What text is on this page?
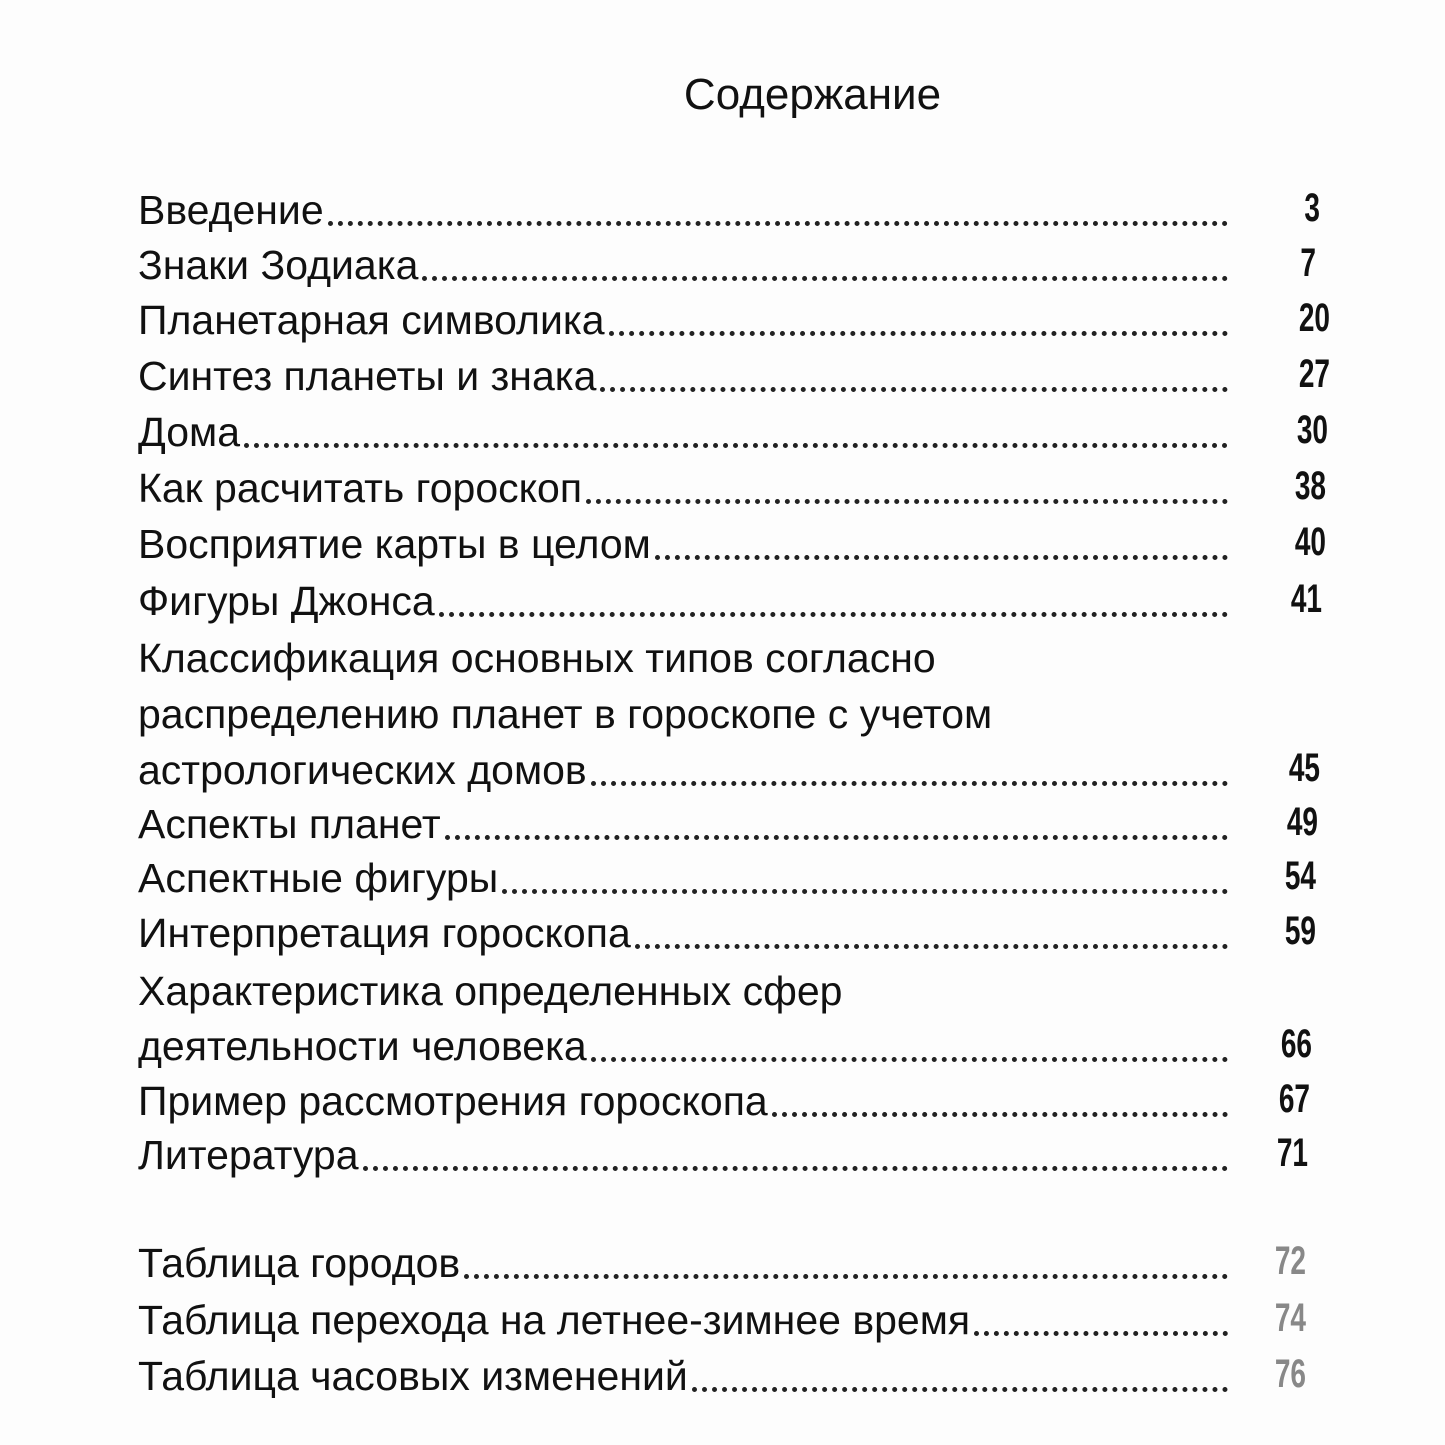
Содержание
Введение	3
Знаки Зодиака	7
Планетарная символика	20
Синтез планеты и знака	27
Дома	30
Как расчитать гороскоп	38
Восприятие карты в целом	40
Фигуры Джонса	41
Классификация основных типов согласно
распределению планет в гороскопе с учетом
астрологических домов	45
Аспекты планет	49
Аспектные фигуры	54
Интерпретация гороскопа	59
Характеристика определенных сфер
деятельности человека	66
Пример рассмотрения гороскопа	67
Литература	71
Таблица городов	72
Таблица перехода на летнее-зимнее время	74
Таблица часовых изменений	76
